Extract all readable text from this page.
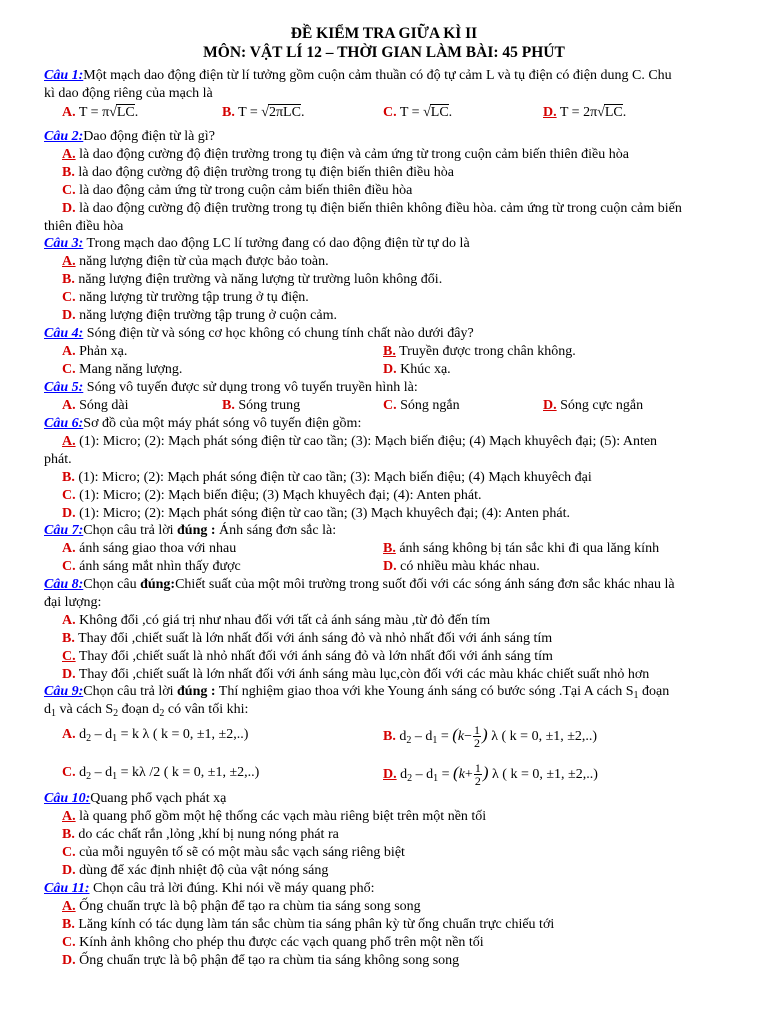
ĐỀ KIỂM TRA GIỮA KÌ II
MÔN: VẬT LÍ 12 – THỜI GIAN LÀM BÀI: 45 PHÚT
Câu 1:Một mạch dao động điện từ lí tưởng gồm cuộn cảm thuần có độ tự cảm L và tụ điện có điện dung C. Chu
kì dao động riêng của mạch là
A. T = π√LC.	B. T = √2πLC.	C. T = √LC.	D. T = 2π√LC.
Câu 2:Dao động điện từ là gì?
A. là dao động cường độ điện trường trong tụ điện và cảm ứng từ trong cuộn cảm biến thiên điều hòa
B. là dao động cường độ điện trường trong tụ điện biến thiên điều hòa
C. là dao động cảm ứng từ trong cuộn cảm biến thiên điều hòa
D. là dao động cường độ điện trường trong tụ điện biến thiên không điều hòa. cảm ứng từ trong cuộn cảm biến
thiên điều hòa
Câu 3: Trong mạch dao động LC lí tưởng đang có dao động điện từ tự do là
A. năng lượng điện từ của mạch được bảo toàn.
B. năng lượng điện trường và năng lượng từ trường luôn không đổi.
C. năng lượng từ trường tập trung ở tụ điện.
D. năng lượng điện trường tập trung ở cuộn cảm.
Câu 4: Sóng điện từ và sóng cơ học không có chung tính chất nào dưới đây?
A. Phản xạ.	B. Truyền được trong chân không.
C. Mang năng lượng.	D. Khúc xạ.
Câu 5: Sóng vô tuyến được sử dụng trong vô tuyến truyền hình là:
A. Sóng dài	B. Sóng trung	C. Sóng ngắn	D. Sóng cực ngắn
Câu 6:Sơ đồ của một máy phát sóng vô tuyến điện gồm:
A. (1): Micro; (2): Mạch phát sóng điện từ cao tần; (3): Mạch biến điệu; (4) Mạch khuyêch đại; (5): Anten
phát.
B. (1): Micro; (2): Mạch phát sóng điện từ cao tần; (3): Mạch biến điệu; (4) Mạch khuyêch đại
C. (1): Micro; (2): Mạch biến điệu; (3) Mạch khuyêch đại; (4): Anten phát.
D. (1): Micro; (2): Mạch phát sóng điện từ cao tần; (3) Mạch khuyêch đại; (4): Anten phát.
Câu 7:Chọn câu trả lời đúng : Ánh sáng đơn sắc là:
A. ánh sáng giao thoa với nhau	B. ánh sáng không bị tán sắc khi đi qua lăng kính
C. ánh sáng mắt nhìn thấy được	D. có nhiều màu khác nhau.
Câu 8:Chọn câu đúng:Chiết suất của một môi trường trong suốt đối với các sóng ánh sáng đơn sắc khác nhau là
đại lượng:
A. Không đổi ,có giá trị như nhau đối với tất cả ánh sáng màu ,từ đỏ đến tím
B. Thay đổi ,chiết suất là lớn nhất đối với ánh sáng đỏ và nhỏ nhất đối với ánh sáng tím
C. Thay đổi ,chiết suất là nhỏ nhất đối với ánh sáng đỏ và lớn nhất đối với ánh sáng tím
D. Thay đổi ,chiết suất là lớn nhất đối với ánh sáng màu lục,còn đối với các màu khác chiết suất nhỏ hơn
Câu 9:Chọn câu trả lời đúng : Thí nghiệm giao thoa với khe Young ánh sáng có bước sóng .Tại A cách $S_1$ đoạn
$d_1$ và cách $S_2$ đoạn $d_2$ có vân tối khi:
A. $d_2 - d_1 = k$ λ ( k = 0, ±1, ±2,..)	B. $d_2 - d_1 = (k- \frac{1}{2}$ ) λ ( k = 0, ±1, ±2,..)
C. $d_2 - d_1 = k\lambda$ /2 ( k = 0, ±1, ±2,..)	D. $d_2 - d_1 = (k+ \frac{1}{2}$ ) λ ( k = 0, ±1, ±2,..)
Câu 10:Quang phổ vạch phát xạ
A. là quang phổ gồm một hệ thống các vạch màu riêng biệt trên một nền tối
B. do các chất rắn ,lỏng ,khí bị nung nóng phát ra
C. của mỗi nguyên tố sẽ có một màu sắc vạch sáng riêng biệt
D. dùng để xác định nhiệt độ của vật nóng sáng
Câu 11: Chọn câu trả lời đúng. Khi nói về máy quang phổ:
A. Ống chuẩn trực là bộ phận để tạo ra chùm tia sáng song song
B. Lăng kính có tác dụng làm tán sắc chùm tia sáng phân kỳ từ ống chuẩn trực chiếu tới
C. Kính ảnh không cho phép thu được các vạch quang phổ trên một nền tối
D. Ống chuẩn trực là bộ phận để tạo ra chùm tia sáng không song song
